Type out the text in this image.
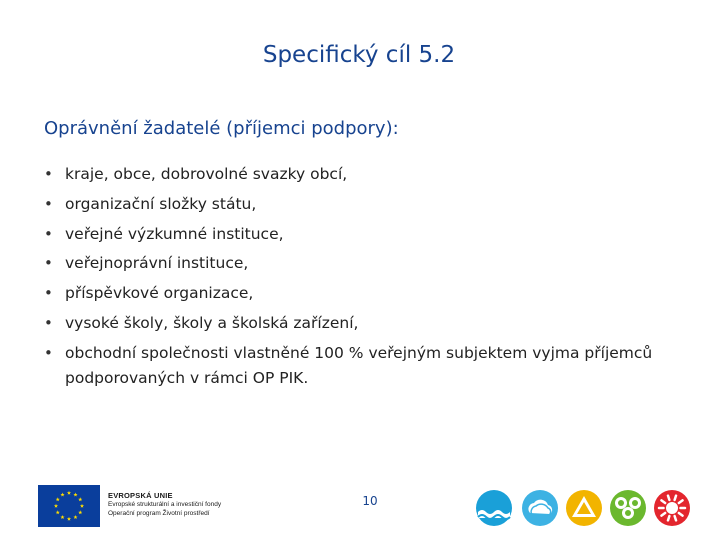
Specifický cíl 5.2
Oprávnění žadatelé (příjemci podpory):
• kraje, obce, dobrovolné svazky obcí,
• organizační složky státu,
• veřejné výzkumné instituce,
• veřejnoprávní instituce,
• příspěvkové organizace,
• vysoké školy, školy a školská zařízení,
• obchodní společnosti vlastněné 100 % veřejným subjektem vyjma příjemců podporovaných v rámci OP PIK.
EVROPSKÁ UNIE
Evropské strukturální a investiční fondy
Operační program Životní prostředí
10
